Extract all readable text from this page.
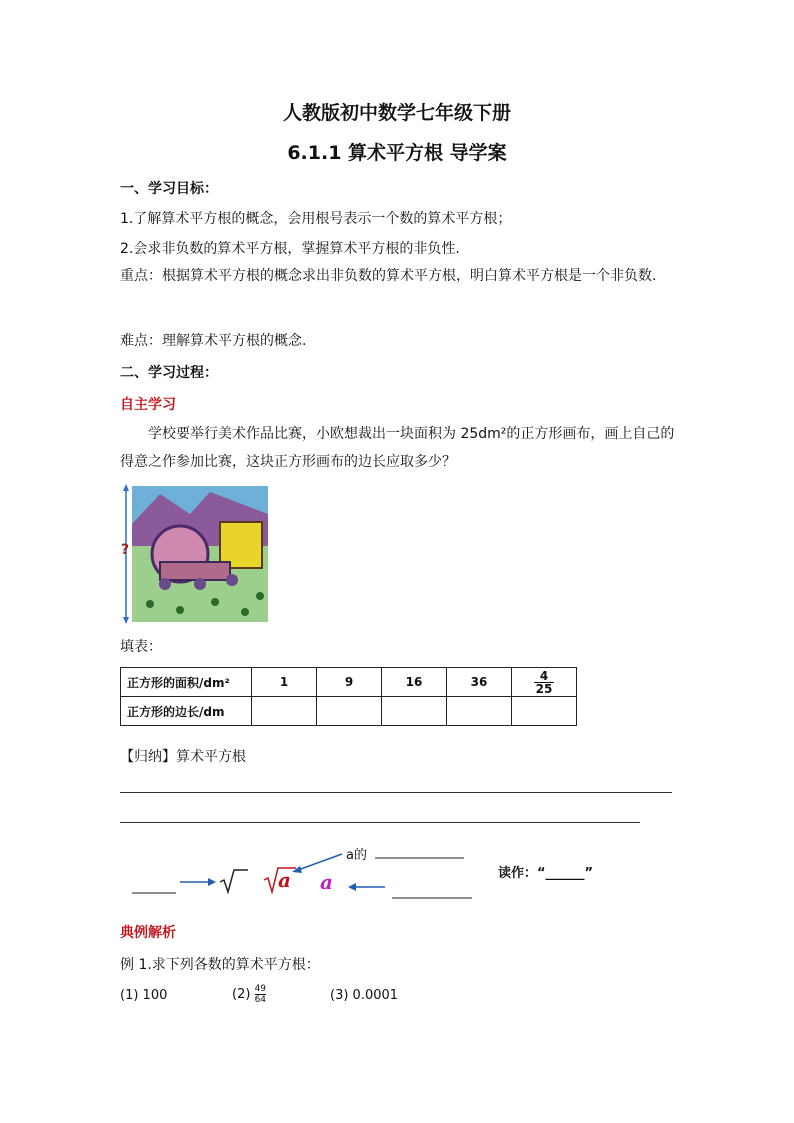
人教版初中数学七年级下册
6.1.1 算术平方根 导学案
一、学习目标：
1.了解算术平方根的概念，会用根号表示一个数的算术平方根；
2.会求非负数的算术平方根，掌握算术平方根的非负性.
重点：根据算术平方根的概念求出非负数的算术平方根，明白算术平方根是一个非负数.
难点：理解算术平方根的概念.
二、学习过程：
自主学习
学校要举行美术作品比赛，小欧想裁出一块面积为 25dm²的正方形画布，画上自己的得意之作参加比赛，这块正方形画布的边长应取多少？
?
填表：
正方形的面积/dm²	1	9	16	36	$\frac{4}{25}$

正方形的边长/dm					
【归纳】算术平方根
a a
a的
读作：“______”
典例解析
例 1.求下列各数的算术平方根：
(1) 100	$(2) \frac{49}{64}$	(3) 0.0001
